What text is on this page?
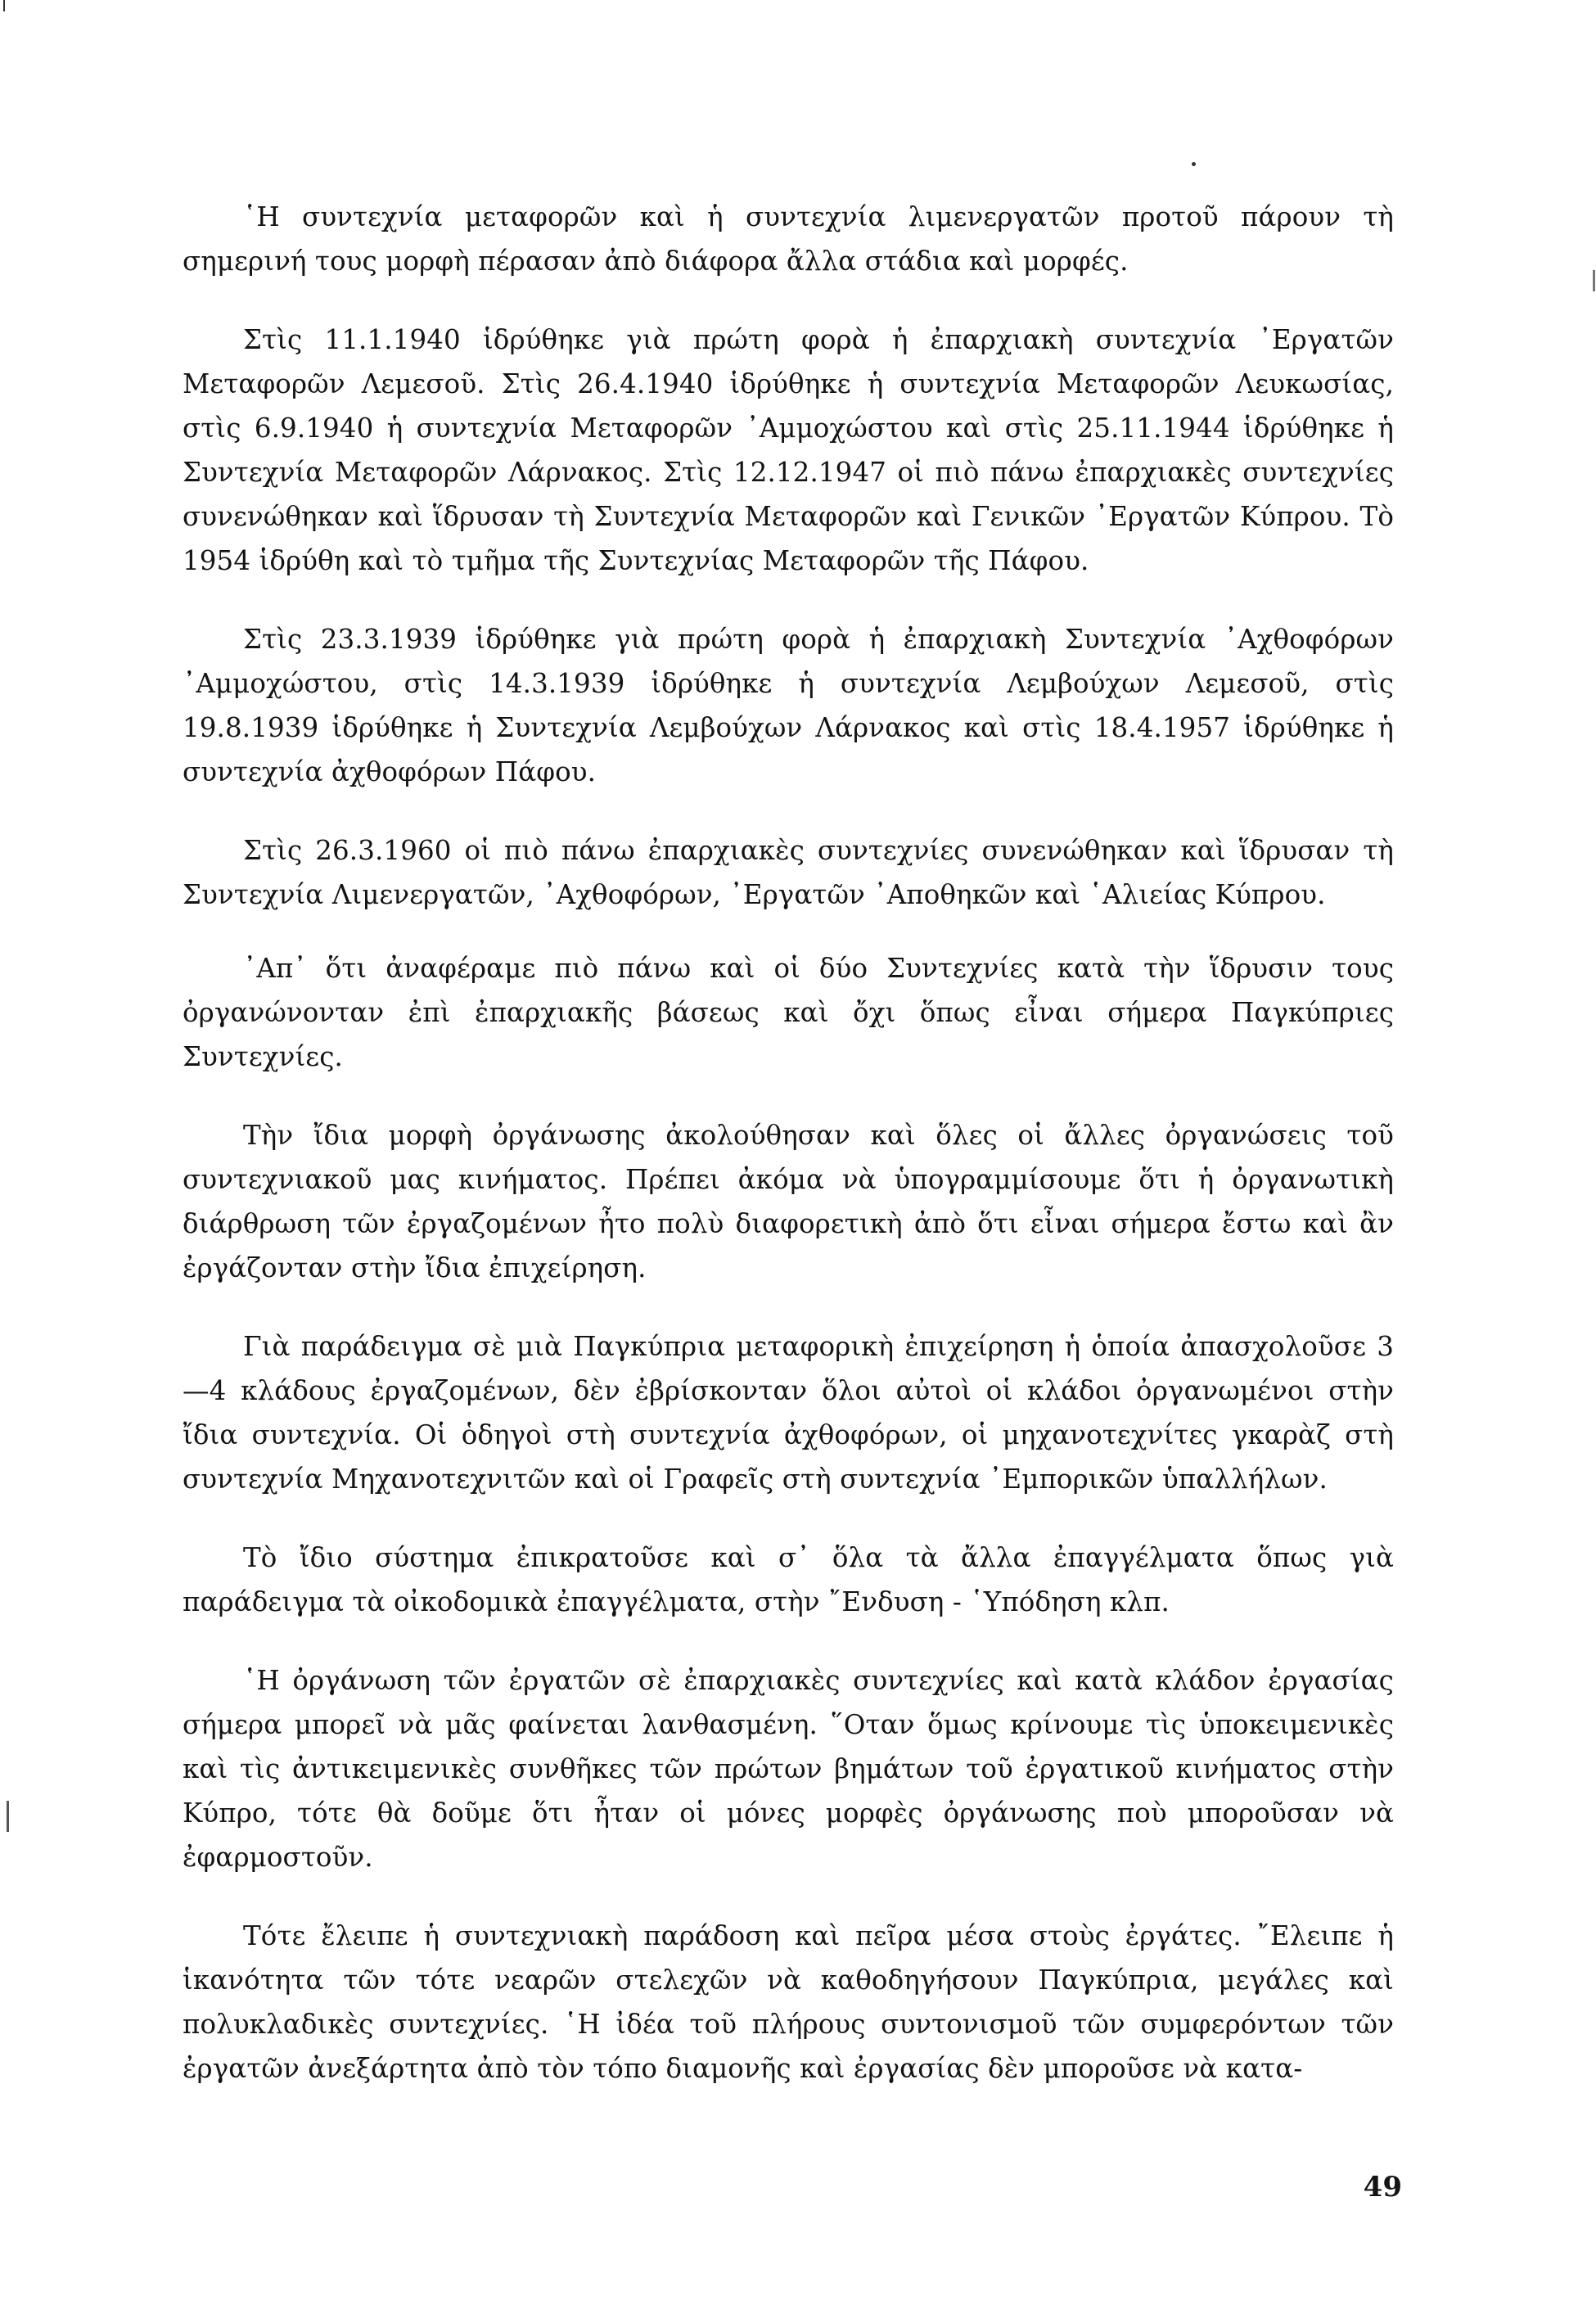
῾Η συντεχνία μεταφορῶν καὶ ἡ συντεχνία λιμενεργατῶν προτοῦ πάρουν τὴ σημερινή τους μορφὴ πέρασαν ἀπὸ διάφορα ἄλλα στάδια καὶ μορφές.

Στὶς 11.1.1940 ἱδρύθηκε γιὰ πρώτη φορὰ ἡ ἐπαρχιακὴ συντεχνία ᾿Εργατῶν Μεταφορῶν Λεμεσοῦ. Στὶς 26.4.1940 ἱδρύθηκε ἡ συντεχνία Μεταφορῶν Λευκωσίας, στὶς 6.9.1940 ἡ συντεχνία Μεταφορῶν ᾿Αμμοχώστου καὶ στὶς 25.11.1944 ἱδρύθηκε ἡ Συντεχνία Μεταφορῶν Λάρνακος. Στὶς 12.12.1947 οἱ πιὸ πάνω ἐπαρχιακὲς συντεχνίες συνενώθηκαν καὶ ἵδρυσαν τὴ Συντεχνία Μεταφορῶν καὶ Γενικῶν ᾿Εργατῶν Κύπρου. Τὸ 1954 ἱδρύθη καὶ τὸ τμῆμα τῆς Συντεχνίας Μεταφορῶν τῆς Πάφου.

Στὶς 23.3.1939 ἱδρύθηκε γιὰ πρώτη φορὰ ἡ ἐπαρχιακὴ Συντεχνία ᾿Αχθοφόρων ᾿Αμμοχώστου, στὶς 14.3.1939 ἱδρύθηκε ἡ συντεχνία Λεμβούχων Λεμεσοῦ, στὶς 19.8.1939 ἱδρύθηκε ἡ Συντεχνία Λεμβούχων Λάρνακος καὶ στὶς 18.4.1957 ἱδρύθηκε ἡ συντεχνία ἀχθοφόρων Πάφου.

Στὶς 26.3.1960 οἱ πιὸ πάνω ἐπαρχιακὲς συντεχνίες συνενώθηκαν καὶ ἵδρυσαν τὴ Συντεχνία Λιμενεργατῶν, ᾿Αχθοφόρων, ᾿Εργατῶν ᾿Αποθηκῶν καὶ ῾Αλιείας Κύπρου.

᾿Απ᾿ ὅτι ἀναφέραμε πιὸ πάνω καὶ οἱ δύο Συντεχνίες κατὰ τὴν ἵδρυσιν τους ὀργανώνονταν ἐπὶ ἐπαρχιακῆς βάσεως καὶ ὄχι ὅπως εἶναι σήμερα Παγκύπριες Συντεχνίες.

Τὴν ἴδια μορφὴ ὀργάνωσης ἀκολούθησαν καὶ ὅλες οἱ ἄλλες ὀργανώσεις τοῦ συντεχνιακοῦ μας κινήματος. Πρέπει ἀκόμα νὰ ὑπογραμμίσουμε ὅτι ἡ ὀργανωτικὴ διάρθρωση τῶν ἐργαζομένων ἦτο πολὺ διαφορετικὴ ἀπὸ ὅτι εἶναι σήμερα ἔστω καὶ ἂν ἐργάζονταν στὴν ἴδια ἐπιχείρηση.

Γιὰ παράδειγμα σὲ μιὰ Παγκύπρια μεταφορικὴ ἐπιχείρηση ἡ ὁποία ἀπασχολοῦσε 3—4 κλάδους ἐργαζομένων, δὲν ἐβρίσκονταν ὅλοι αὐτοὶ οἱ κλάδοι ὀργανωμένοι στὴν ἴδια συντεχνία. Οἱ ὁδηγοὶ στὴ συντεχνία ἀχθοφόρων, οἱ μηχανοτεχνίτες γκαρὰζ στὴ συντεχνία Μηχανοτεχνιτῶν καὶ οἱ Γραφεῖς στὴ συντεχνία ᾿Εμπορικῶν ὑπαλλήλων.

Τὸ ἴδιο σύστημα ἐπικρατοῦσε καὶ σ᾿ ὅλα τὰ ἄλλα ἐπαγγέλματα ὅπως γιὰ παράδειγμα τὰ οἰκοδομικὰ ἐπαγγέλματα, στὴν ῎Ενδυση - ῾Υπόδηση κλπ.

῾Η ὀργάνωση τῶν ἐργατῶν σὲ ἐπαρχιακὲς συντεχνίες καὶ κατὰ κλάδον ἐργασίας σήμερα μπορεῖ νὰ μᾶς φαίνεται λανθασμένη. ῞Οταν ὅμως κρίνουμε τὶς ὑποκειμενικὲς καὶ τὶς ἀντικειμενικὲς συνθῆκες τῶν πρώτων βημάτων τοῦ ἐργατικοῦ κινήματος στὴν Κύπρο, τότε θὰ δοῦμε ὅτι ἦταν οἱ μόνες μορφὲς ὀργάνωσης ποὺ μποροῦσαν νὰ ἐφαρμοστοῦν.

Τότε ἔλειπε ἡ συντεχνιακὴ παράδοση καὶ πεῖρα μέσα στοὺς ἐργάτες. ῎Ελειπε ἡ ἱκανότητα τῶν τότε νεαρῶν στελεχῶν νὰ καθοδηγήσουν Παγκύπρια, μεγάλες καὶ πολυκλαδικὲς συντεχνίες. ῾Η ἰδέα τοῦ πλήρους συντονισμοῦ τῶν συμφερόντων τῶν ἐργατῶν ἀνεξάρτητα ἀπὸ τὸν τόπο διαμονῆς καὶ ἐργασίας δὲν μποροῦσε νὰ κατα-

49
